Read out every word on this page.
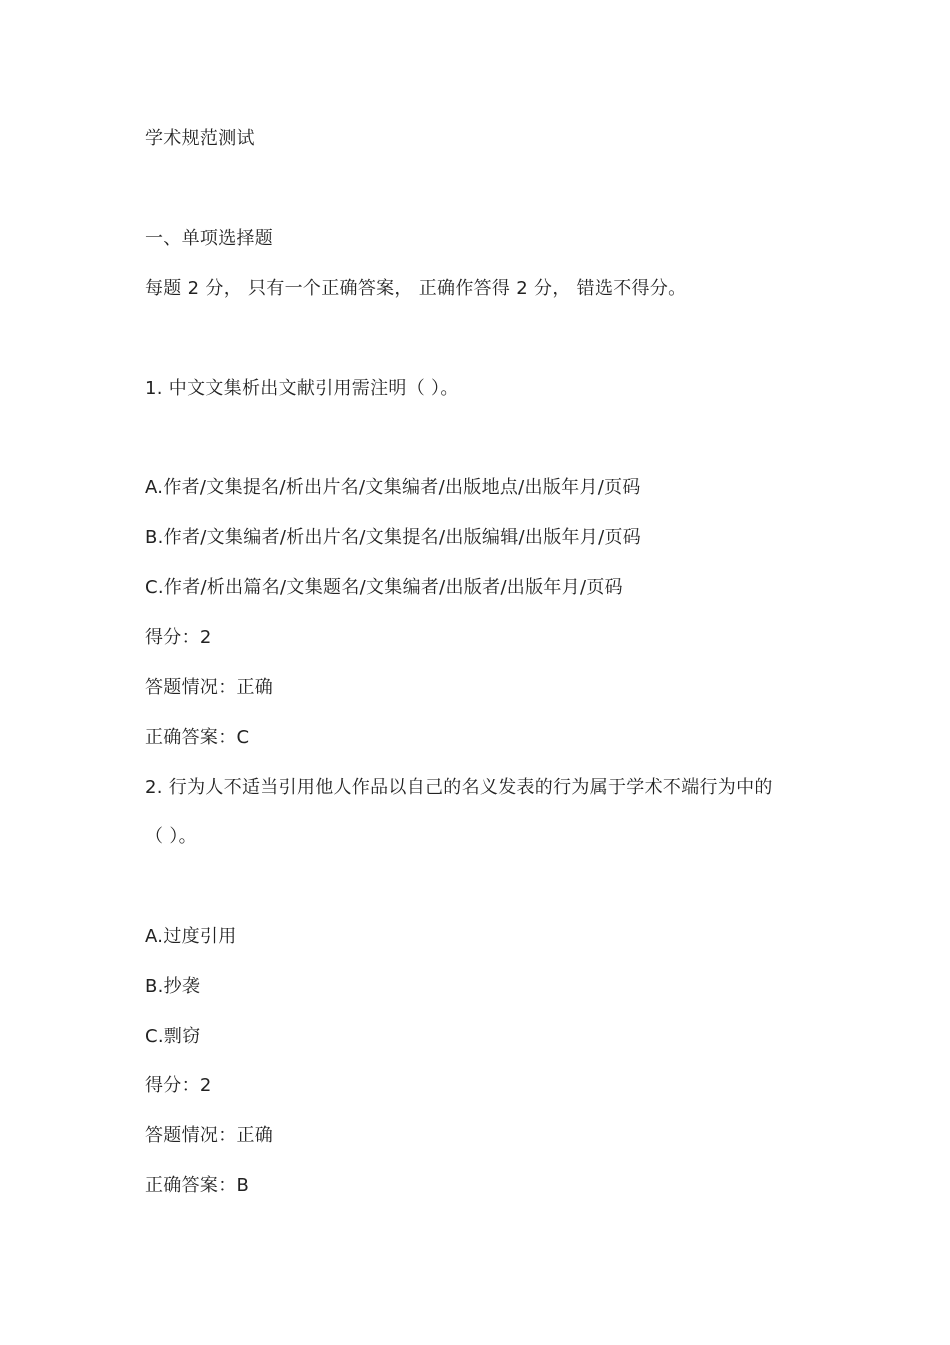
学术规范测试
一、单项选择题
每题 2 分， 只有一个正确答案， 正确作答得 2 分， 错选不得分。
1. 中文文集析出文献引用需注明（ ）。
A.作者/文集提名/析出片名/文集编者/出版地点/出版年月/页码
B.作者/文集编者/析出片名/文集提名/出版编辑/出版年月/页码
C.作者/析出篇名/文集题名/文集编者/出版者/出版年月/页码
得分：2
答题情况：正确
正确答案：C
2. 行为人不适当引用他人作品以自己的名义发表的行为属于学术不端行为中的
（ ）。
A.过度引用
B.抄袭
C.剽窃
得分：2
答题情况：正确
正确答案：B
